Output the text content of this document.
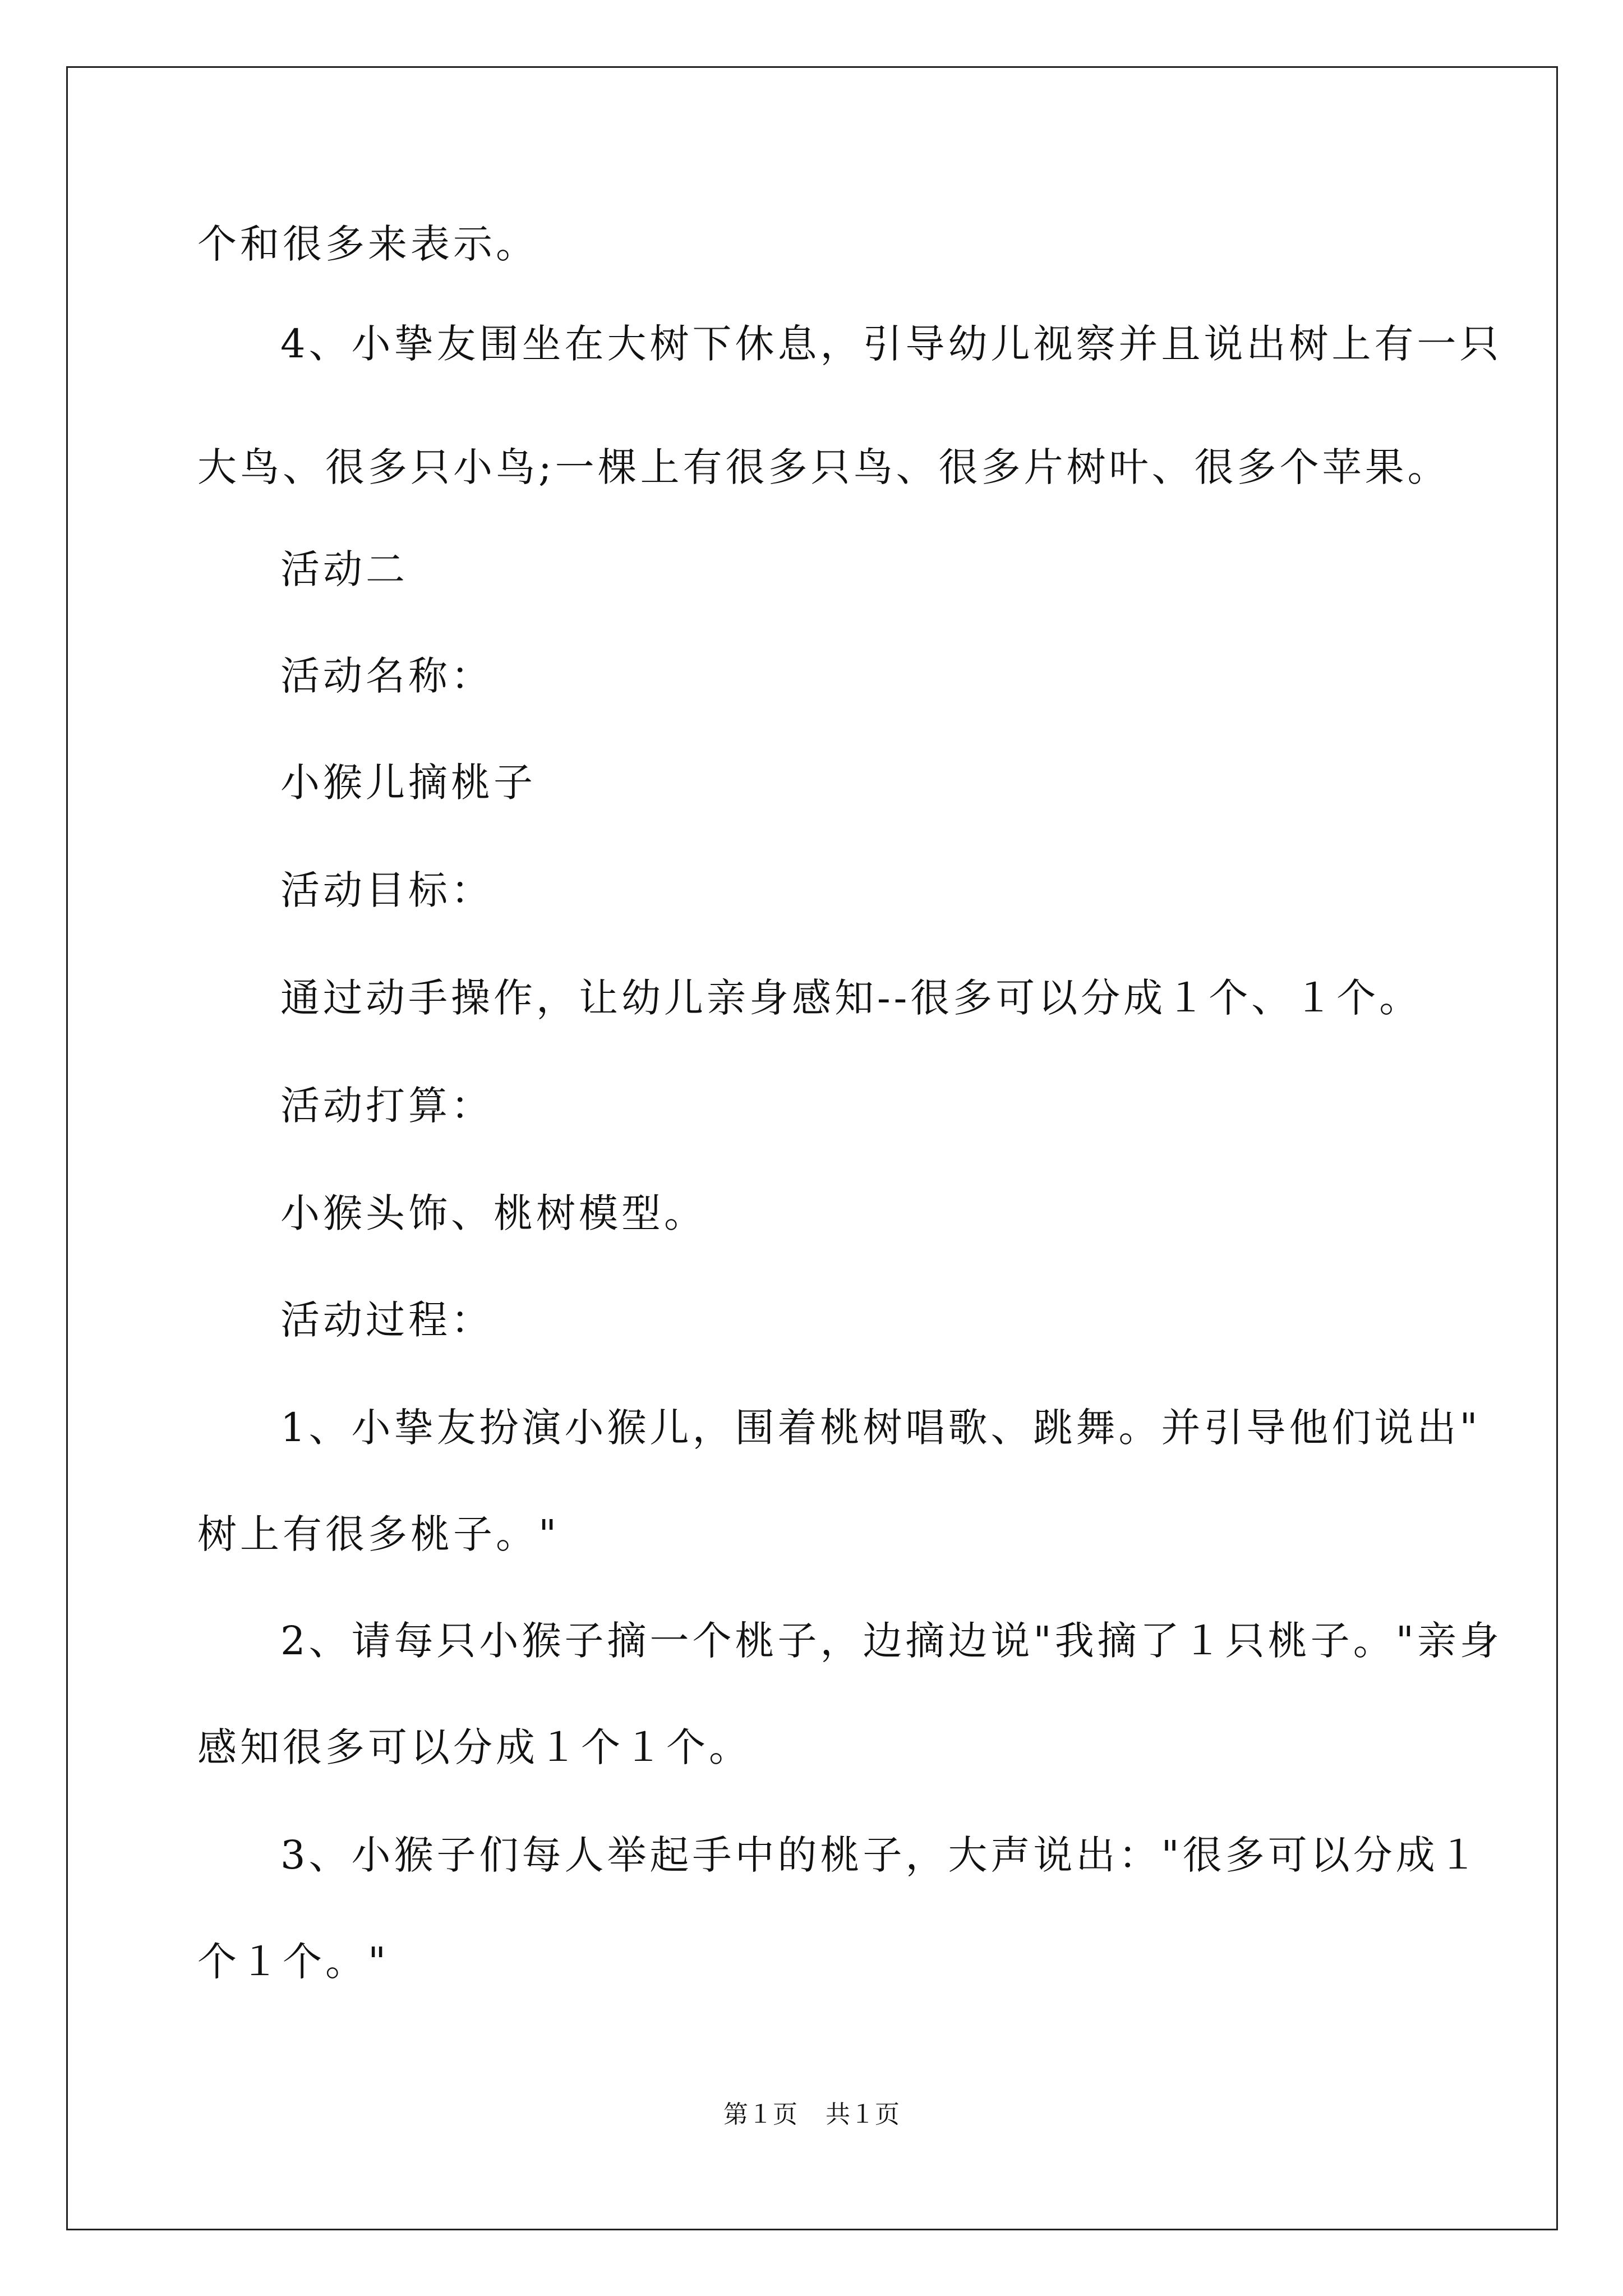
个和很多来表示。
4、小挚友围坐在大树下休息，引导幼儿视察并且说出树上有一只
大鸟、很多只小鸟;一棵上有很多只鸟、很多片树叶、很多个苹果。
活动二
活动名称：
小猴儿摘桃子
活动目标：
通过动手操作，让幼儿亲身感知--很多可以分成１个、１个。
活动打算：
小猴头饰、桃树模型。
活动过程：
1、小挚友扮演小猴儿，围着桃树唱歌、跳舞。并引导他们说出"
树上有很多桃子。"
2、请每只小猴子摘一个桃子，边摘边说"我摘了１只桃子。"亲身
感知很多可以分成１个１个。
3、小猴子们每人举起手中的桃子，大声说出："很多可以分成１
个１个。"
第１页 共１页
